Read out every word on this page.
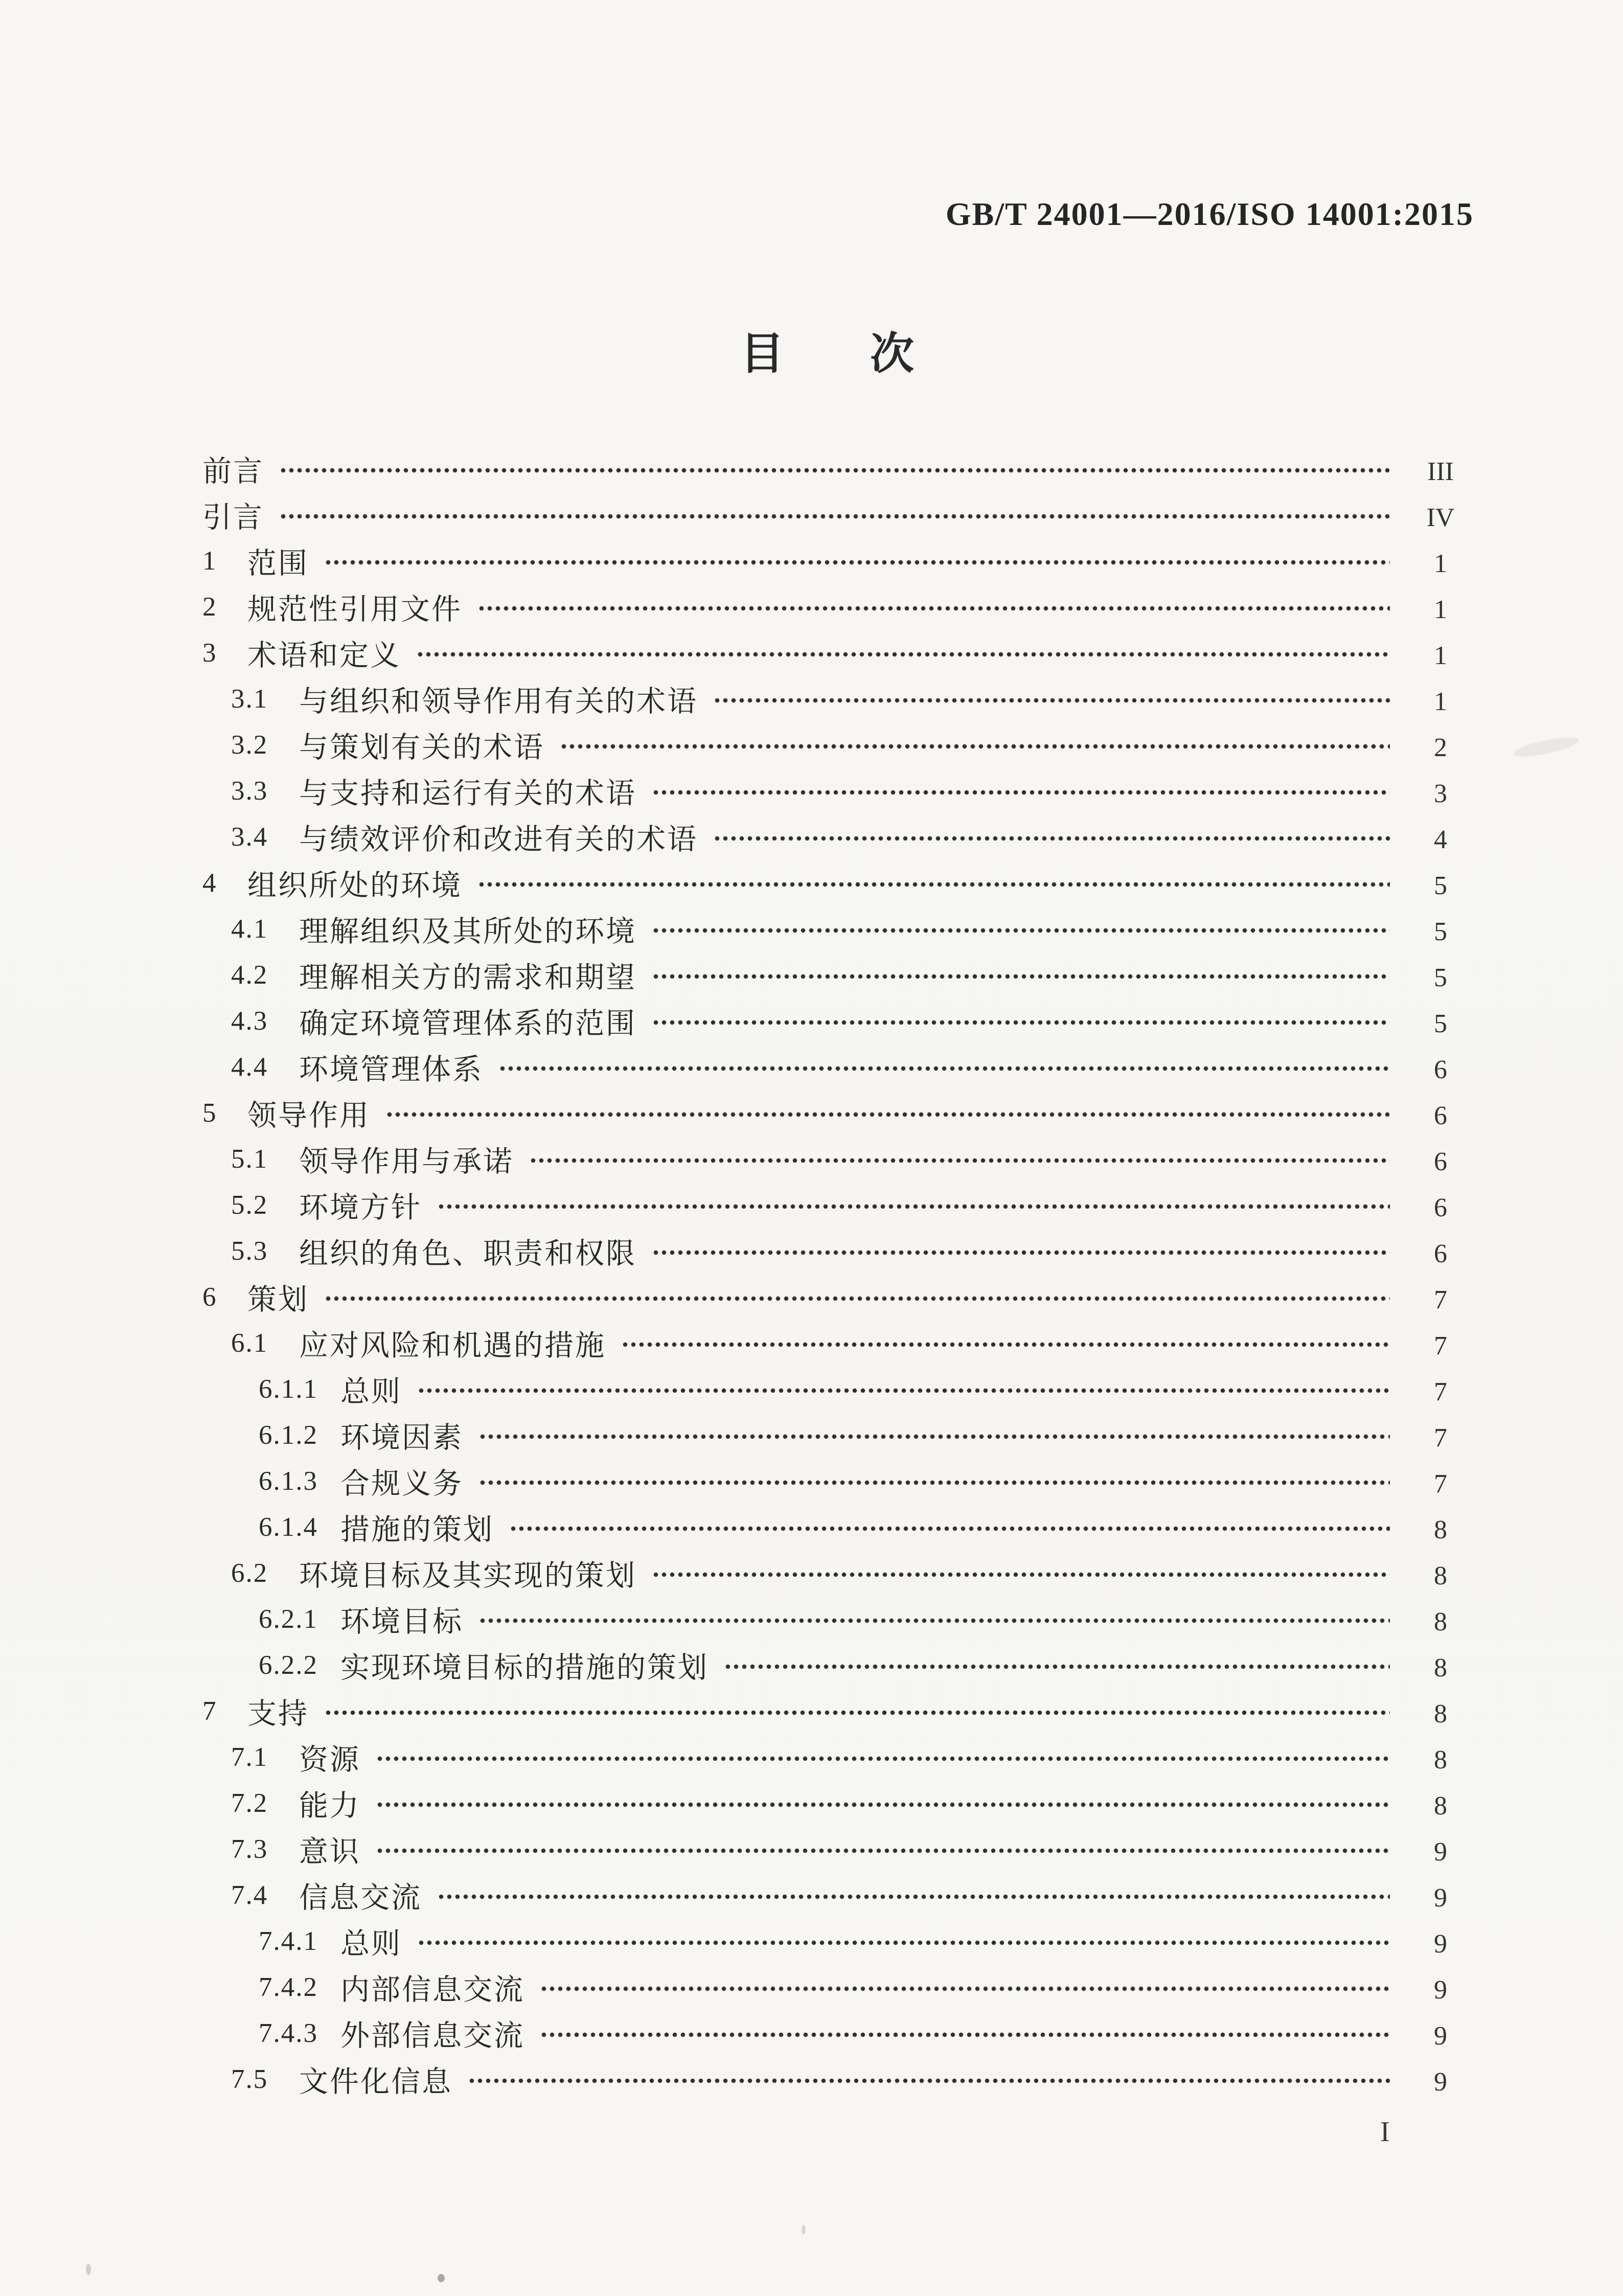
GB/T 24001—2016/ISO 14001:2015
目次
前言	III
引言	IV
1	范围	1
2	规范性引用文件	1
3	术语和定义	1
3.1	与组织和领导作用有关的术语	1
3.2	与策划有关的术语	2
3.3	与支持和运行有关的术语	3
3.4	与绩效评价和改进有关的术语	4
4	组织所处的环境	5
4.1	理解组织及其所处的环境	5
4.2	理解相关方的需求和期望	5
4.3	确定环境管理体系的范围	5
4.4	环境管理体系	6
5	领导作用	6
5.1	领导作用与承诺	6
5.2	环境方针	6
5.3	组织的角色、职责和权限	6
6	策划	7
6.1	应对风险和机遇的措施	7
6.1.1 总则	7
6.1.2 环境因素	7
6.1.3 合规义务	7
6.1.4 措施的策划	8
6.2	环境目标及其实现的策划	8
6.2.1 环境目标	8
6.2.2 实现环境目标的措施的策划	8
7	支持	8
7.1	资源	8
7.2	能力	8
7.3	意识	9
7.4	信息交流	9
7.4.1 总则	9
7.4.2 内部信息交流	9
7.4.3 外部信息交流	9
7.5	文件化信息	9
I
